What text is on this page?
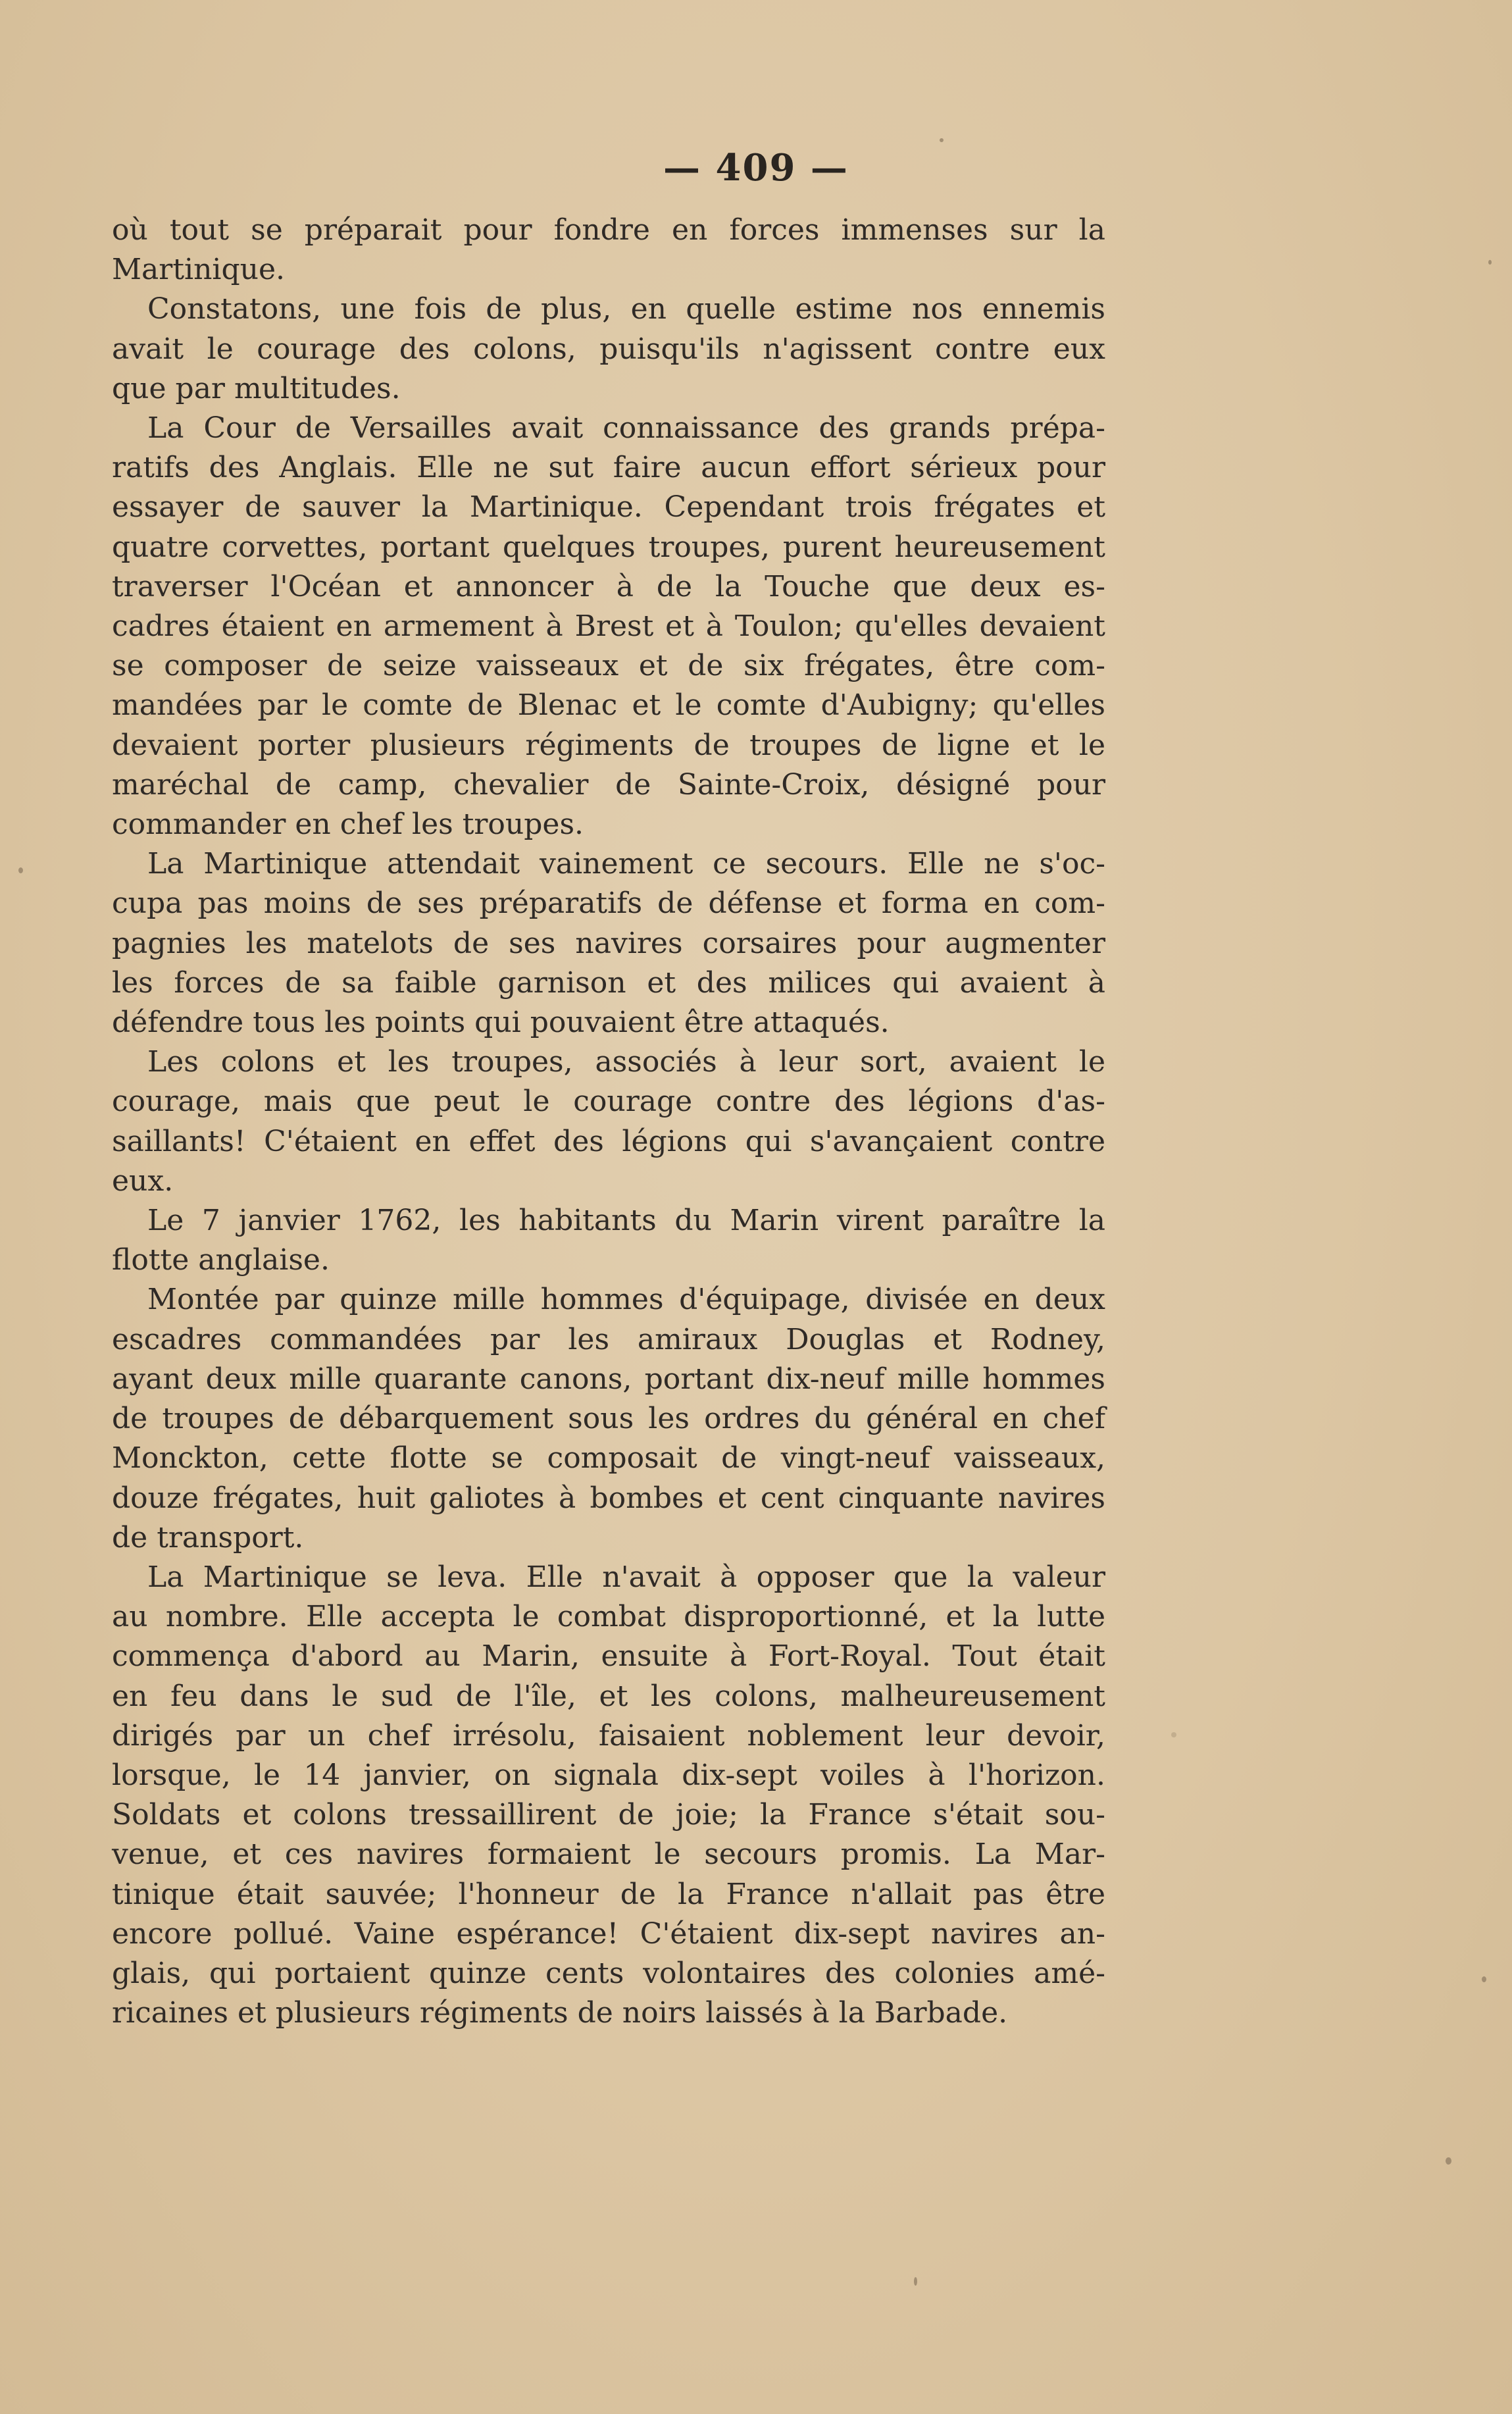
— 409 —
où tout se préparait pour fondre en forces immenses sur la
Martinique.
Constatons, une fois de plus, en quelle estime nos ennemis
avait le courage des colons, puisqu'ils n'agissent contre eux
que par multitudes.
La Cour de Versailles avait connaissance des grands prépa-
ratifs des Anglais. Elle ne sut faire aucun effort sérieux pour
essayer de sauver la Martinique. Cependant trois frégates et
quatre corvettes, portant quelques troupes, purent heureusement
traverser l'Océan et annoncer à de la Touche que deux es-
cadres étaient en armement à Brest et à Toulon; qu'elles devaient
se composer de seize vaisseaux et de six frégates, être com-
mandées par le comte de Blenac et le comte d'Aubigny; qu'elles
devaient porter plusieurs régiments de troupes de ligne et le
maréchal de camp, chevalier de Sainte-Croix, désigné pour
commander en chef les troupes.
La Martinique attendait vainement ce secours. Elle ne s'oc-
cupa pas moins de ses préparatifs de défense et forma en com-
pagnies les matelots de ses navires corsaires pour augmenter
les forces de sa faible garnison et des milices qui avaient à
défendre tous les points qui pouvaient être attaqués.
Les colons et les troupes, associés à leur sort, avaient le
courage, mais que peut le courage contre des légions d'as-
saillants! C'étaient en effet des légions qui s'avançaient contre
eux.
Le 7 janvier 1762, les habitants du Marin virent paraître la
flotte anglaise.
Montée par quinze mille hommes d'équipage, divisée en deux
escadres commandées par les amiraux Douglas et Rodney,
ayant deux mille quarante canons, portant dix-neuf mille hommes
de troupes de débarquement sous les ordres du général en chef
Monckton, cette flotte se composait de vingt-neuf vaisseaux,
douze frégates, huit galiotes à bombes et cent cinquante navires
de transport.
La Martinique se leva. Elle n'avait à opposer que la valeur
au nombre. Elle accepta le combat disproportionné, et la lutte
commença d'abord au Marin, ensuite à Fort-Royal. Tout était
en feu dans le sud de l'île, et les colons, malheureusement
dirigés par un chef irrésolu, faisaient noblement leur devoir,
lorsque, le 14 janvier, on signala dix-sept voiles à l'horizon.
Soldats et colons tressaillirent de joie; la France s'était sou-
venue, et ces navires formaient le secours promis. La Mar-
tinique était sauvée; l'honneur de la France n'allait pas être
encore pollué. Vaine espérance! C'étaient dix-sept navires an-
glais, qui portaient quinze cents volontaires des colonies amé-
ricaines et plusieurs régiments de noirs laissés à la Barbade.
